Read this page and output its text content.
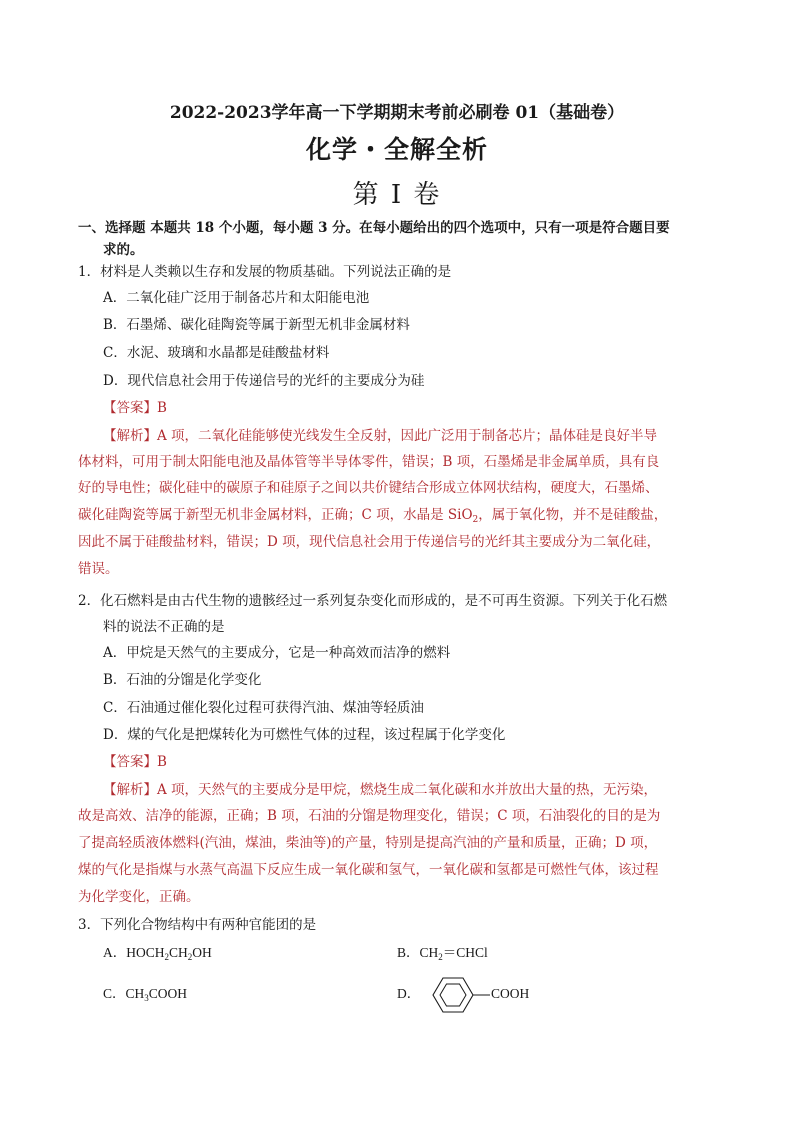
2022-2023学年高一下学期期末考前必刷卷 01（基础卷）
化学・全解全析
第 I 卷
一、选择题 本题共 18 个小题，每小题 3 分。在每小题给出的四个选项中，只有一项是符合题目要
求的。
1．材料是人类赖以生存和发展的物质基础。下列说法正确的是
A．二氧化硅广泛用于制备芯片和太阳能电池
B．石墨烯、碳化硅陶瓷等属于新型无机非金属材料
C．水泥、玻璃和水晶都是硅酸盐材料
D．现代信息社会用于传递信号的光纤的主要成分为硅
【答案】B
【解析】A 项，二氧化硅能够使光线发生全反射，因此广泛用于制备芯片；晶体硅是良好半导
体材料，可用于制太阳能电池及晶体管等半导体零件，错误；B 项，石墨烯是非金属单质，具有良
好的导电性；碳化硅中的碳原子和硅原子之间以共价键结合形成立体网状结构，硬度大，石墨烯、
碳化硅陶瓷等属于新型无机非金属材料，正确；C 项，水晶是 SiO$_2$，属于氧化物，并不是硅酸盐，
因此不属于硅酸盐材料，错误；D 项，现代信息社会用于传递信号的光纤其主要成分为二氧化硅，
错误。
2．化石燃料是由古代生物的遗骸经过一系列复杂变化而形成的，是不可再生资源。下列关于化石燃
料的说法不正确的是
A．甲烷是天然气的主要成分，它是一种高效而洁净的燃料
B．石油的分馏是化学变化
C．石油通过催化裂化过程可获得汽油、煤油等轻质油
D．煤的气化是把煤转化为可燃性气体的过程，该过程属于化学变化
【答案】B
【解析】A 项，天然气的主要成分是甲烷，燃烧生成二氧化碳和水并放出大量的热，无污染，
故是高效、洁净的能源，正确；B 项，石油的分馏是物理变化，错误；C 项，石油裂化的目的是为
了提高轻质液体燃料(汽油，煤油，柴油等)的产量，特别是提高汽油的产量和质量，正确；D 项，
煤的气化是指煤与水蒸气高温下反应生成一氧化碳和氢气，一氧化碳和氢都是可燃性气体，该过程
为化学变化，正确。
3．下列化合物结构中有两种官能团的是
A．$HOCH_2CH_2OH$	B．$CH_2=CHCl$
C．$CH_3COOH$	D．	COOH
